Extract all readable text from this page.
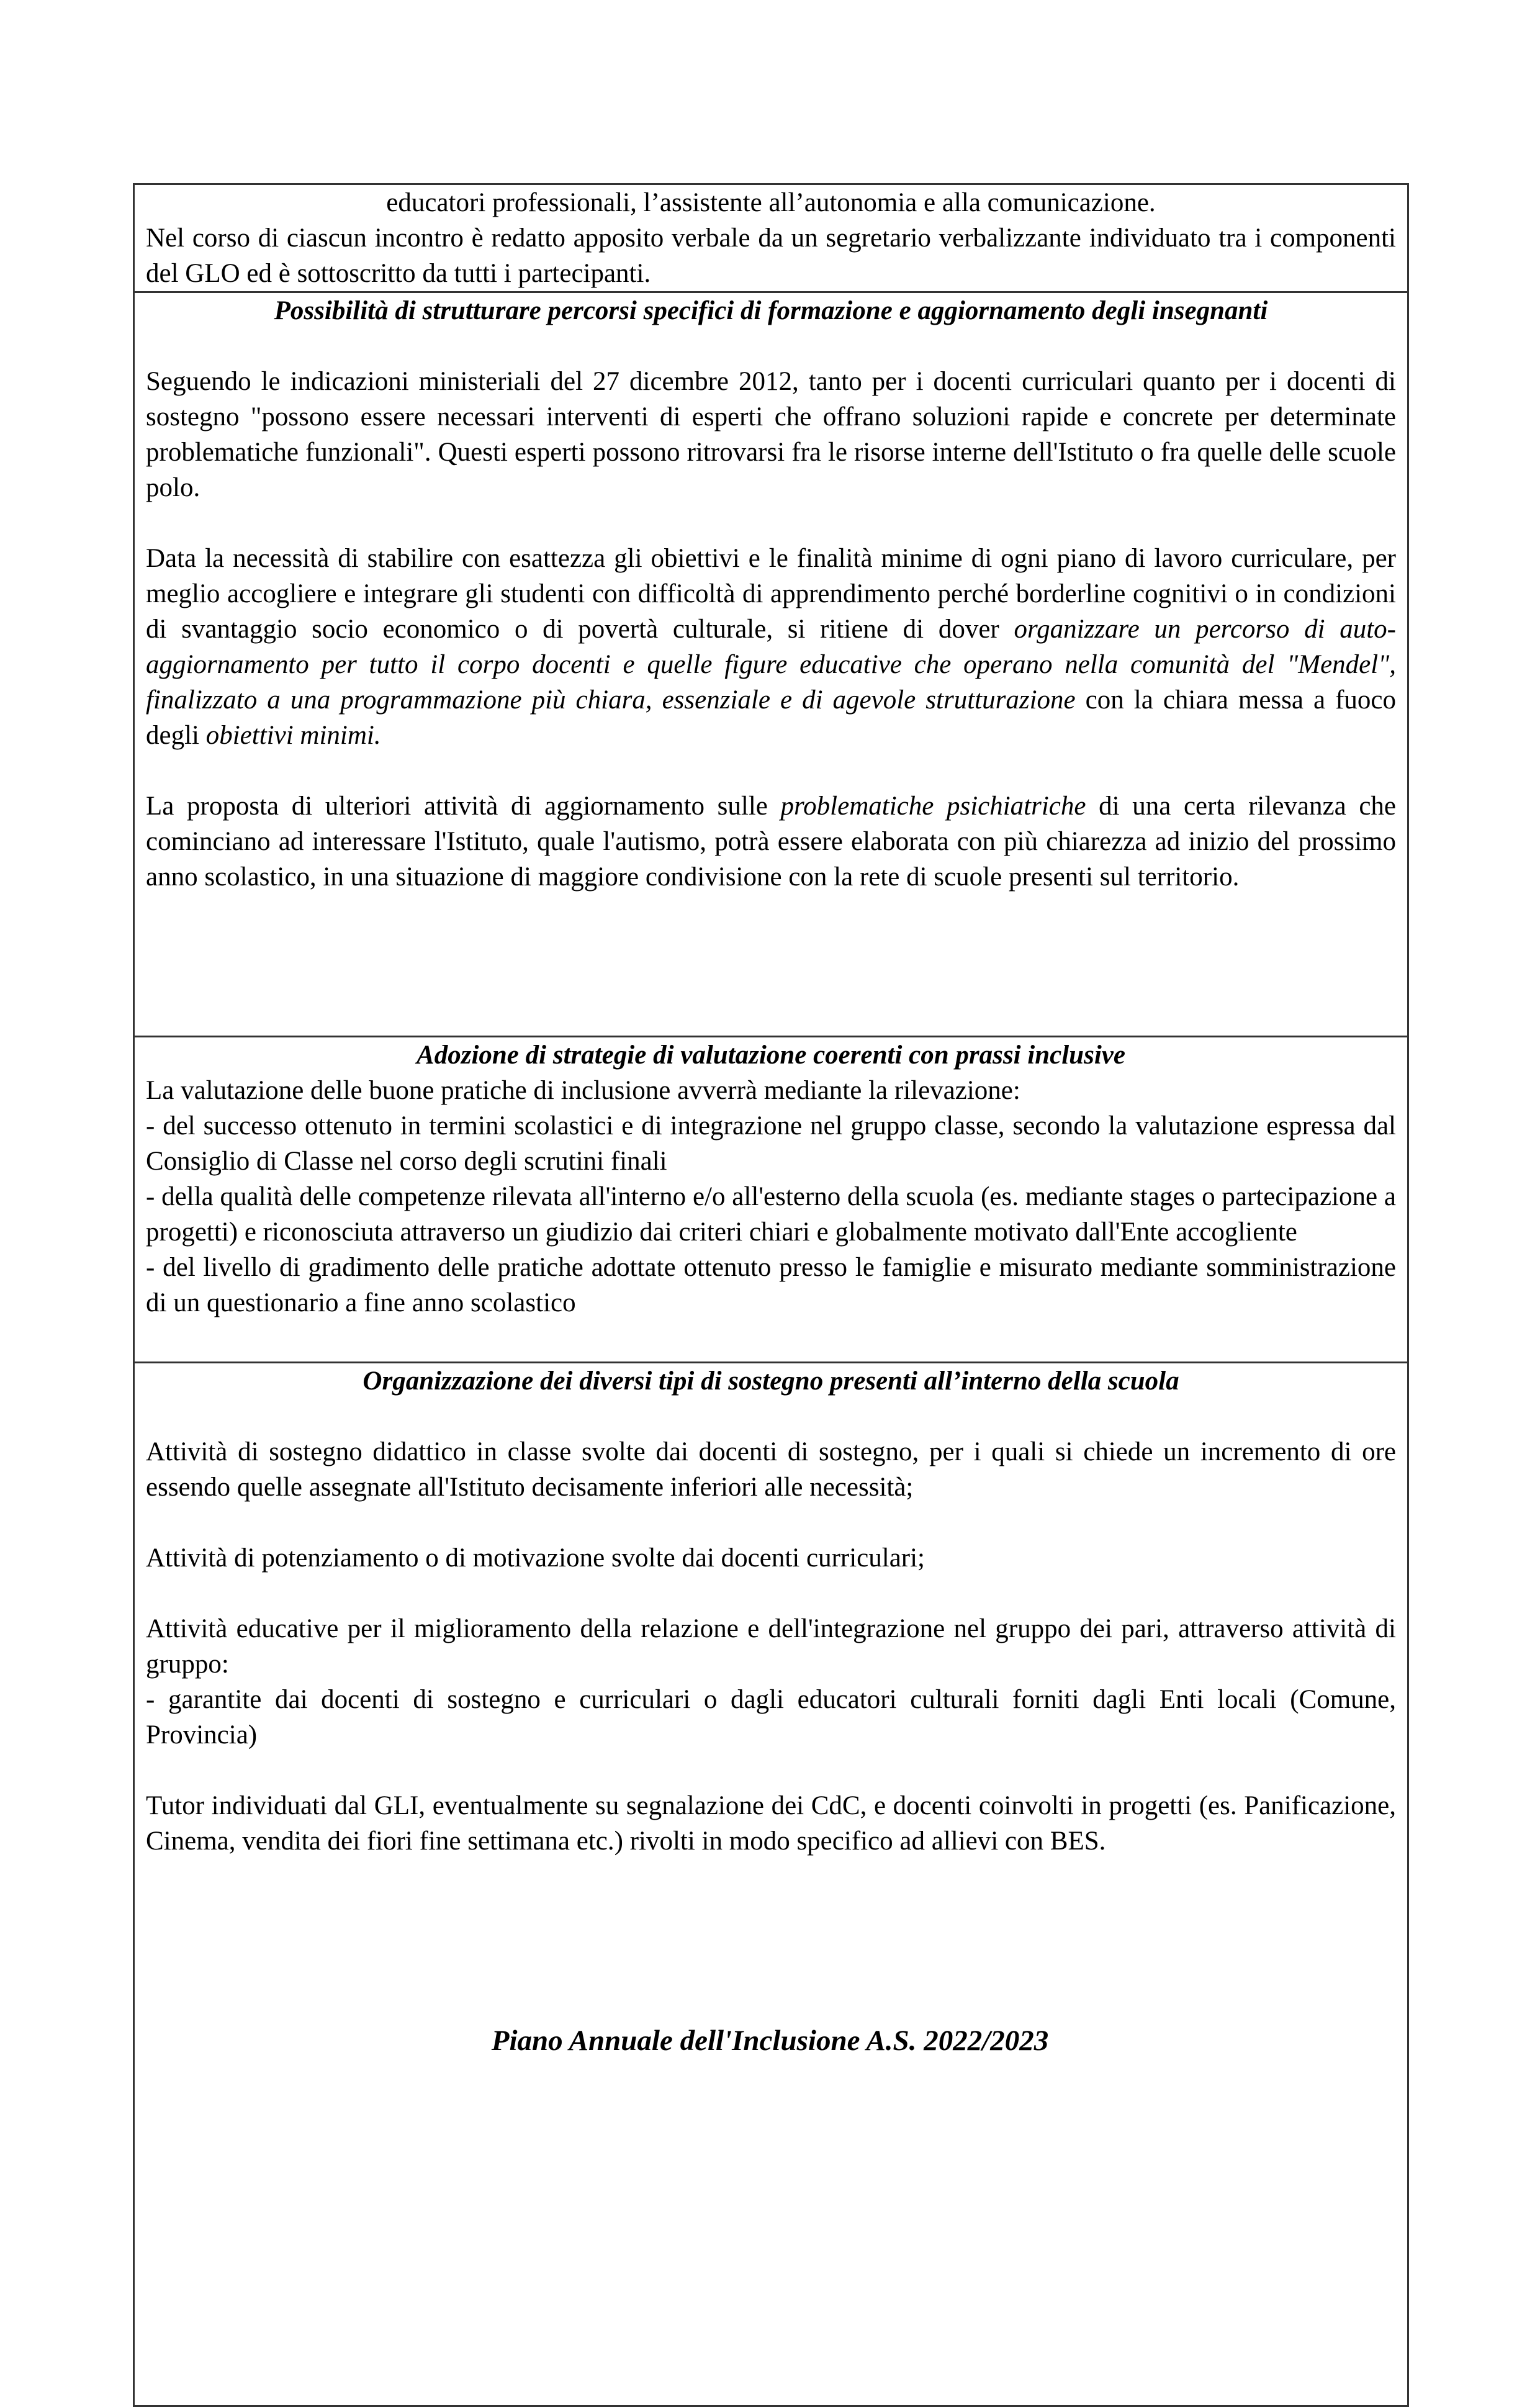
educatori professionali, l’assistente all’autonomia e alla comunicazione.

Nel corso di ciascun incontro è redatto apposito verbale da un segretario verbalizzante individuato tra i componenti del GLO ed è sottoscritto da tutti i partecipanti.

Possibilità di strutturare percorsi specifici di formazione e aggiornamento degli insegnanti

Seguendo le indicazioni ministeriali del 27 dicembre 2012, tanto per i docenti curriculari quanto per i docenti di sostegno "possono essere necessari interventi di esperti che offrano soluzioni rapide e concrete per determinate problematiche funzionali". Questi esperti possono ritrovarsi fra le risorse interne dell'Istituto o fra quelle delle scuole polo.

Data la necessità di stabilire con esattezza gli obiettivi e le finalità minime di ogni piano di lavoro curriculare, per meglio accogliere e integrare gli studenti con difficoltà di apprendimento perché borderline cognitivi o in condizioni di svantaggio socio economico o di povertà culturale, si ritiene di dover organizzare un percorso di auto-aggiornamento per tutto il corpo docenti e quelle figure educative che operano nella comunità del "Mendel", finalizzato a una programmazione più chiara, essenziale e di agevole strutturazione con la chiara messa a fuoco degli obiettivi minimi.

La proposta di ulteriori attività di aggiornamento sulle problematiche psichiatriche di una certa rilevanza che cominciano ad interessare l'Istituto, quale l'autismo, potrà essere elaborata con più chiarezza ad inizio del prossimo anno scolastico, in una situazione di maggiore condivisione con la rete di scuole presenti sul territorio.

Adozione di strategie di valutazione coerenti con prassi inclusive

La valutazione delle buone pratiche di inclusione avverrà mediante la rilevazione:

- del successo ottenuto in termini scolastici e di integrazione nel gruppo classe, secondo la valutazione espressa dal Consiglio di Classe nel corso degli scrutini finali

- della qualità delle competenze rilevata all'interno e/o all'esterno della scuola (es. mediante stages o partecipazione a progetti) e riconosciuta attraverso un giudizio dai criteri chiari e globalmente motivato dall'Ente accogliente

- del livello di gradimento delle pratiche adottate ottenuto presso le famiglie e misurato mediante somministrazione di un questionario a fine anno scolastico

Organizzazione dei diversi tipi di sostegno presenti all’interno della scuola

Attività di sostegno didattico in classe svolte dai docenti di sostegno, per i quali si chiede un incremento di ore essendo quelle assegnate all'Istituto decisamente inferiori alle necessità;

Attività di potenziamento o di motivazione svolte dai docenti curriculari;

Attività educative per il miglioramento della relazione e dell'integrazione nel gruppo dei pari, attraverso attività di gruppo:

- garantite dai docenti di sostegno e curriculari o dagli educatori culturali forniti dagli Enti locali (Comune, Provincia)

Tutor individuati dal GLI, eventualmente su segnalazione dei CdC, e docenti coinvolti in progetti (es. Panificazione, Cinema, vendita dei fiori fine settimana etc.) rivolti in modo specifico ad allievi con BES.

Piano Annuale dell'Inclusione A.S. 2022/2023
